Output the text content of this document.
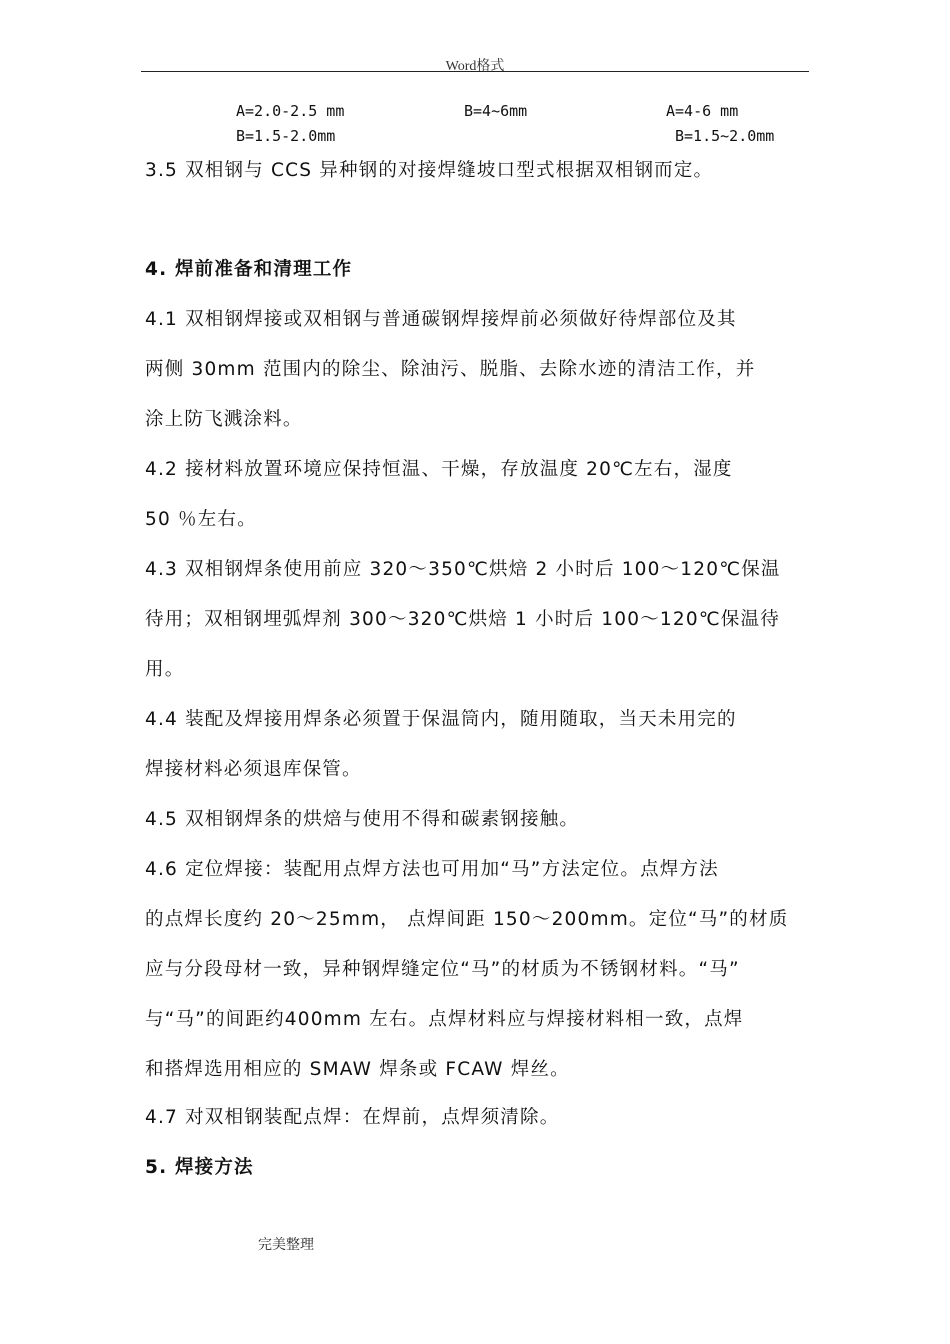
Word格式
A=2.0-2.5 mm
B=1.5-2.0mm
B=4~6mm	A=4-6 mm
B=1.5~2.0mm
3.5 双相钢与 CCS 异种钢的对接焊缝坡口型式根据双相钢而定。
4. 焊前准备和清理工作
4.1 双相钢焊接或双相钢与普通碳钢焊接焊前必须做好待焊部位及其
两侧 30mm 范围内的除尘、除油污、脱脂、去除水迹的清洁工作，并
涂上防飞溅涂料。
4.2 接材料放置环境应保持恒温、干燥，存放温度 20℃左右，湿度
50 ％左右。
4.3 双相钢焊条使用前应 320～350℃烘焙 2 小时后 100～120℃保温
待用；双相钢埋弧焊剂 300～320℃烘焙 1 小时后 100～120℃保温待
用。
4.4 装配及焊接用焊条必须置于保温筒内，随用随取，当天未用完的
焊接材料必须退库保管。
4.5 双相钢焊条的烘焙与使用不得和碳素钢接触。
4.6 定位焊接：装配用点焊方法也可用加“马”方法定位。点焊方法
的点焊长度约 20～25mm， 点焊间距 150～200mm。定位“马”的材质
应与分段母材一致，异种钢焊缝定位“马”的材质为不锈钢材料。“马”
与“马”的间距约400mm 左右。点焊材料应与焊接材料相一致，点焊
和搭焊选用相应的 SMAW 焊条或 FCAW 焊丝。
4.7 对双相钢装配点焊：在焊前，点焊须清除。
5. 焊接方法
完美整理
